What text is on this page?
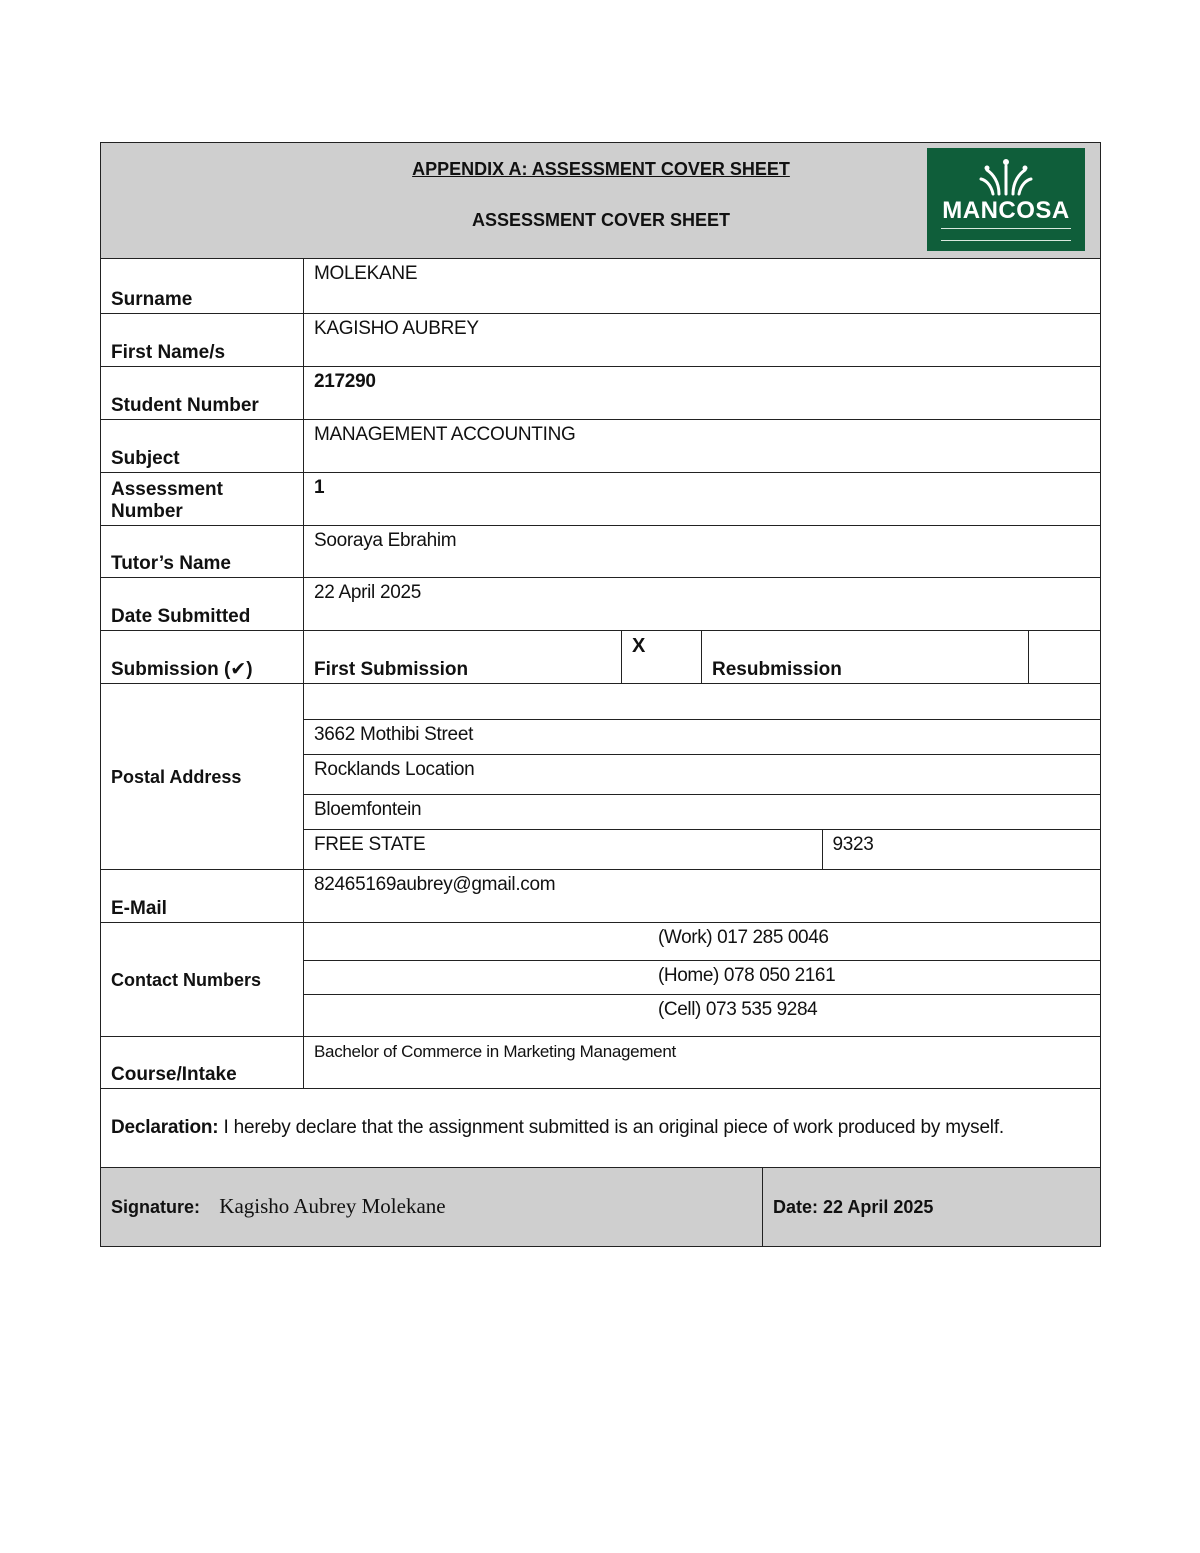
APPENDIX A: ASSESSMENT COVER SHEET
ASSESSMENT COVER SHEET	MANCOSA

Surname	MOLEKANE
First Name/s	KAGISHO AUBREY
Student Number	217290
Subject	MANAGEMENT ACCOUNTING
Assessment Number	1
Tutor’s Name	Sooraya Ebrahim
Date Submitted	22 April 2025
Submission (✔)	First Submission	X	Resubmission	
Postal Address	

3662 Mothibi Street
Rocklands Location
Bloemfontein
FREE STATE	9323

E-Mail	82465169aubrey@gmail.com
Contact Numbers	
(Work) 017 285 0046
(Home) 078 050 2161
(Cell) 073 535 9284

Course/Intake	Bachelor of Commerce in Marketing Management
Declaration: I hereby declare that the assignment submitted is an original piece of work produced by myself.
Signature: Kagisho Aubrey Molekane	Date: 22 April 2025
